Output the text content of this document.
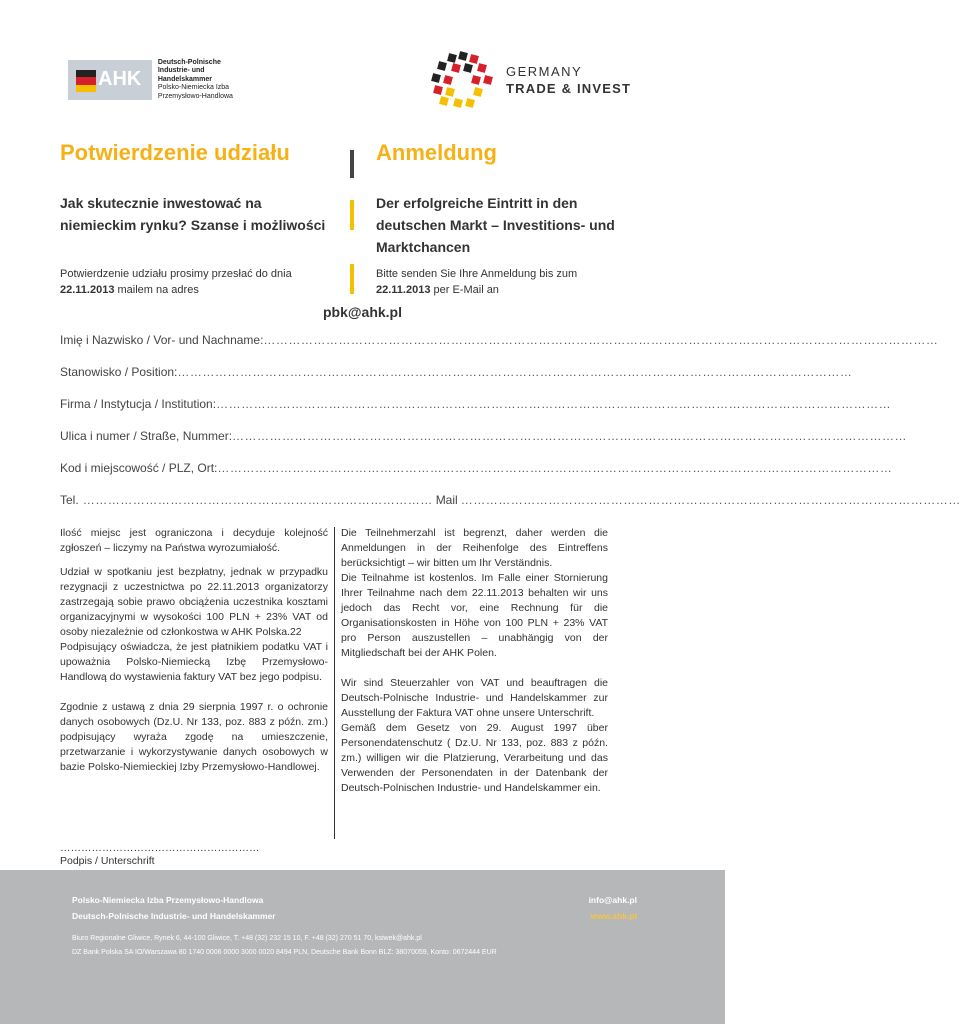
AHK
Deutsch-Polnische
Industrie- und Handelskammer
Polsko-Niemiecka Izba
Przemysłowo-Handlowa
GERMANY
TRADE & INVEST
Potwierdzenie udziału	Anmeldung
Jak skutecznie inwestować na
niemieckim rynku? Szanse i możliwości
Der erfolgreiche Eintritt in den
deutschen Markt – Investitions- und
Marktchancen
Potwierdzenie udziału prosimy przesłać do dnia
22.11.2013 mailem na adres
Bitte senden Sie Ihre Anmeldung bis zum
22.11.2013 per E-Mail an
pbk@ahk.pl
Imię i Nazwisko / Vor- und Nachname: ………………………………………………………………………………………………………………………………………………
Stanowisko / Position: ………………………………………………………………………………………………………………………………………………
Firma / Instytucja / Institution: ………………………………………………………………………………………………………………………………………………
Ulica i numer / Straße, Nummer: ………………………………………………………………………………………………………………………………………………
Kod i miejscowość / PLZ, Ort: ………………………………………………………………………………………………………………………………………………
Tel. ………………………………………………………………………… Mail …………………………………………………………………………………………………………

Ilość miejsc jest ograniczona i decyduje kolejność zgłoszeń – liczymy na Państwa wyrozumiałość.

Udział w spotkaniu jest bezpłatny, jednak w przypadku rezygnacji z uczestnictwa po 22.11.2013 organizatorzy zastrzegają sobie prawo obciążenia uczestnika kosztami organizacyjnymi w wysokości 100 PLN + 23% VAT od osoby niezależnie od członkostwa w AHK Polska.22

Podpisujący oświadcza, że jest płatnikiem podatku VAT i upoważnia Polsko-Niemiecką Izbę Przemysłowo-Handlową do wystawienia faktury VAT bez jego podpisu.

Zgodnie z ustawą z dnia 29 sierpnia 1997 r. o ochronie danych osobowych (Dz.U. Nr 133, poz. 883 z późn. zm.) podpisujący wyraża zgodę na umieszczenie, przetwarzanie i wykorzystywanie danych osobowych w bazie Polsko-Niemieckiej Izby Przemysłowo-Handlowej.

Die Teilnehmerzahl ist begrenzt, daher werden die Anmeldungen in der Reihenfolge des Eintreffens berücksichtigt – wir bitten um Ihr Verständnis.

Die Teilnahme ist kostenlos. Im Falle einer Stornierung Ihrer Teilnahme nach dem 22.11.2013 behalten wir uns jedoch das Recht vor, eine Rechnung für die Organisationskosten in Höhe von 100 PLN + 23% VAT pro Person auszustellen – unabhängig von der Mitgliedschaft bei der AHK Polen.

Wir sind Steuerzahler von VAT und beauftragen die Deutsch-Polnische Industrie- und Handelskammer zur Ausstellung der Faktura VAT ohne unsere Unterschrift.

Gemäß dem Gesetz von 29. August 1997 über Personendatenschutz ( Dz.U. Nr 133, poz. 883 z późn. zm.) willigen wir die Platzierung, Verarbeitung und das Verwenden der Personendaten in der Datenbank der Deutsch-Polnischen Industrie- und Handelskammer ein.

…………………………………………………
Podpis / Unterschrift
Polsko-Niemiecka Izba Przemysłowo-Handlowa
Deutsch-Polnische Industrie- und Handelskammer
Biuro Regionalne Gliwice, Rynek 6, 44-100 Gliwice, T. +48 (32) 232 15 10, F. +48 (32) 270 51 70, ksiwek@ahk.pl
DZ Bank Polska SA IO/Warszawa 80 1740 0006 0000 3000 0020 8494 PLN, Deutsche Bank Bonn BLZ: 38070059, Konto: 0672444 EUR
info@ahk.pl
www.ahk.pl
